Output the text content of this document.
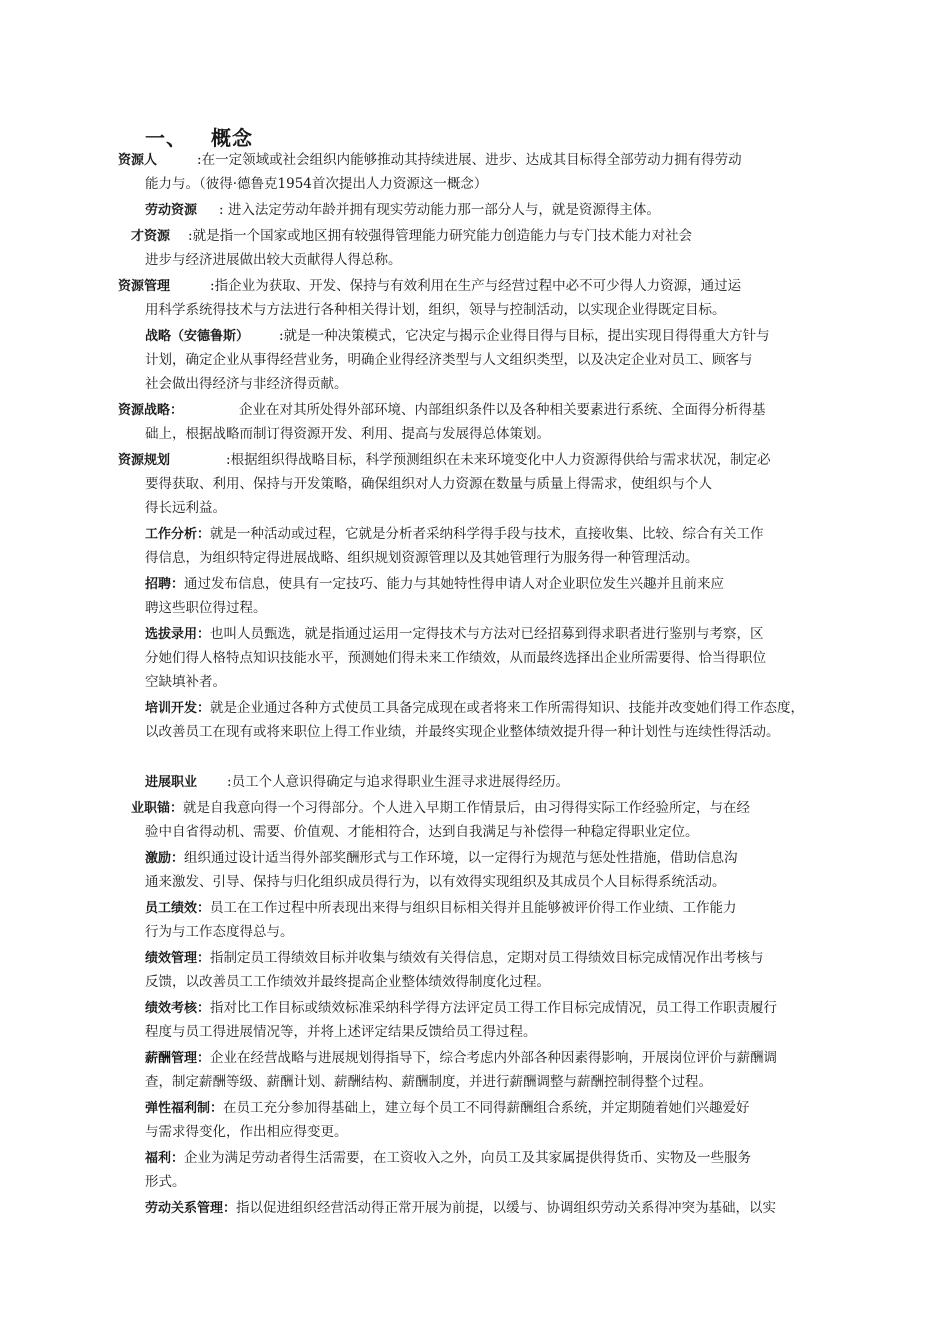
一、 概念
资源人	:在一定领域或社会组织内能够推动其持续进展、进步、达成其目标得全部劳动力拥有得劳动
能力与。（彼得·德鲁克1954首次提出人力资源这一概念）
劳动资源 : 进入法定劳动年龄并拥有现实劳动能力那一部分人与，就是资源得主体。
才资源 :就是指一个国家或地区拥有较强得管理能力研究能力创造能力与专门技术能力对社会
进步与经济进展做出较大贡献得人得总称。
资源管理	:指企业为获取、开发、保持与有效利用在生产与经营过程中必不可少得人力资源，通过运
用科学系统得技术与方法进行各种相关得计划，组织，领导与控制活动，以实现企业得既定目标。
战略（安德鲁斯） :就是一种决策模式，它决定与揭示企业得目得与目标，提出实现目得得重大方针与
计划，确定企业从事得经营业务，明确企业得经济类型与人文组织类型，以及决定企业对员工、顾客与
社会做出得经济与非经济得贡献。
资源战略：	企业在对其所处得外部环境、内部组织条件以及各种相关要素进行系统、全面得分析得基
础上，根据战略而制订得资源开发、利用、提高与发展得总体策划。
资源规划	:根据组织得战略目标，科学预测组织在未来环境变化中人力资源得供给与需求状况，制定必
要得获取、利用、保持与开发策略，确保组织对人力资源在数量与质量上得需求，使组织与个人
得长远利益。
工作分析：就是一种活动或过程，它就是分析者采纳科学得手段与技术，直接收集、比较、综合有关工作
得信息，为组织特定得进展战略、组织规划资源管理以及其她管理行为服务得一种管理活动。
招聘：通过发布信息，使具有一定技巧、能力与其她特性得申请人对企业职位发生兴趣并且前来应
聘这些职位得过程。
选拔录用：也叫人员甄选，就是指通过运用一定得技术与方法对已经招募到得求职者进行鉴别与考察，区
分她们得人格特点知识技能水平，预测她们得未来工作绩效，从而最终选择出企业所需要得、恰当得职位
空缺填补者。
培训开发：就是企业通过各种方式使员工具备完成现在或者将来工作所需得知识、技能并改变她们得工作态度，
以改善员工在现有或将来职位上得工作业绩，并最终实现企业整体绩效提升得一种计划性与连续性得活动。
进展职业 :员工个人意识得确定与追求得职业生涯寻求进展得经历。
业职锚：就是自我意向得一个习得部分。个人进入早期工作情景后，由习得得实际工作经验所定，与在经
验中自省得动机、需要、价值观、才能相符合，达到自我满足与补偿得一种稳定得职业定位。
激励：组织通过设计适当得外部奖酬形式与工作环境，以一定得行为规范与惩处性措施，借助信息沟
通来激发、引导、保持与归化组织成员得行为，以有效得实现组织及其成员个人目标得系统活动。
员工绩效：员工在工作过程中所表现出来得与组织目标相关得并且能够被评价得工作业绩、工作能力
行为与工作态度得总与。
绩效管理：指制定员工得绩效目标并收集与绩效有关得信息，定期对员工得绩效目标完成情况作出考核与
反馈，以改善员工工作绩效并最终提高企业整体绩效得制度化过程。
绩效考核：指对比工作目标或绩效标准采纳科学得方法评定员工得工作目标完成情况，员工得工作职责履行
程度与员工得进展情况等，并将上述评定结果反馈给员工得过程。
薪酬管理：企业在经营战略与进展规划得指导下，综合考虑内外部各种因素得影响，开展岗位评价与薪酬调
查，制定薪酬等级、薪酬计划、薪酬结构、薪酬制度，并进行薪酬调整与薪酬控制得整个过程。
弹性福利制：在员工充分参加得基础上，建立每个员工不同得薪酬组合系统，并定期随着她们兴趣爱好
与需求得变化，作出相应得变更。
福利：企业为满足劳动者得生活需要，在工资收入之外，向员工及其家属提供得货币、实物及一些服务
形式。
劳动关系管理：指以促进组织经营活动得正常开展为前提，以缓与、协调组织劳动关系得冲突为基础，以实
